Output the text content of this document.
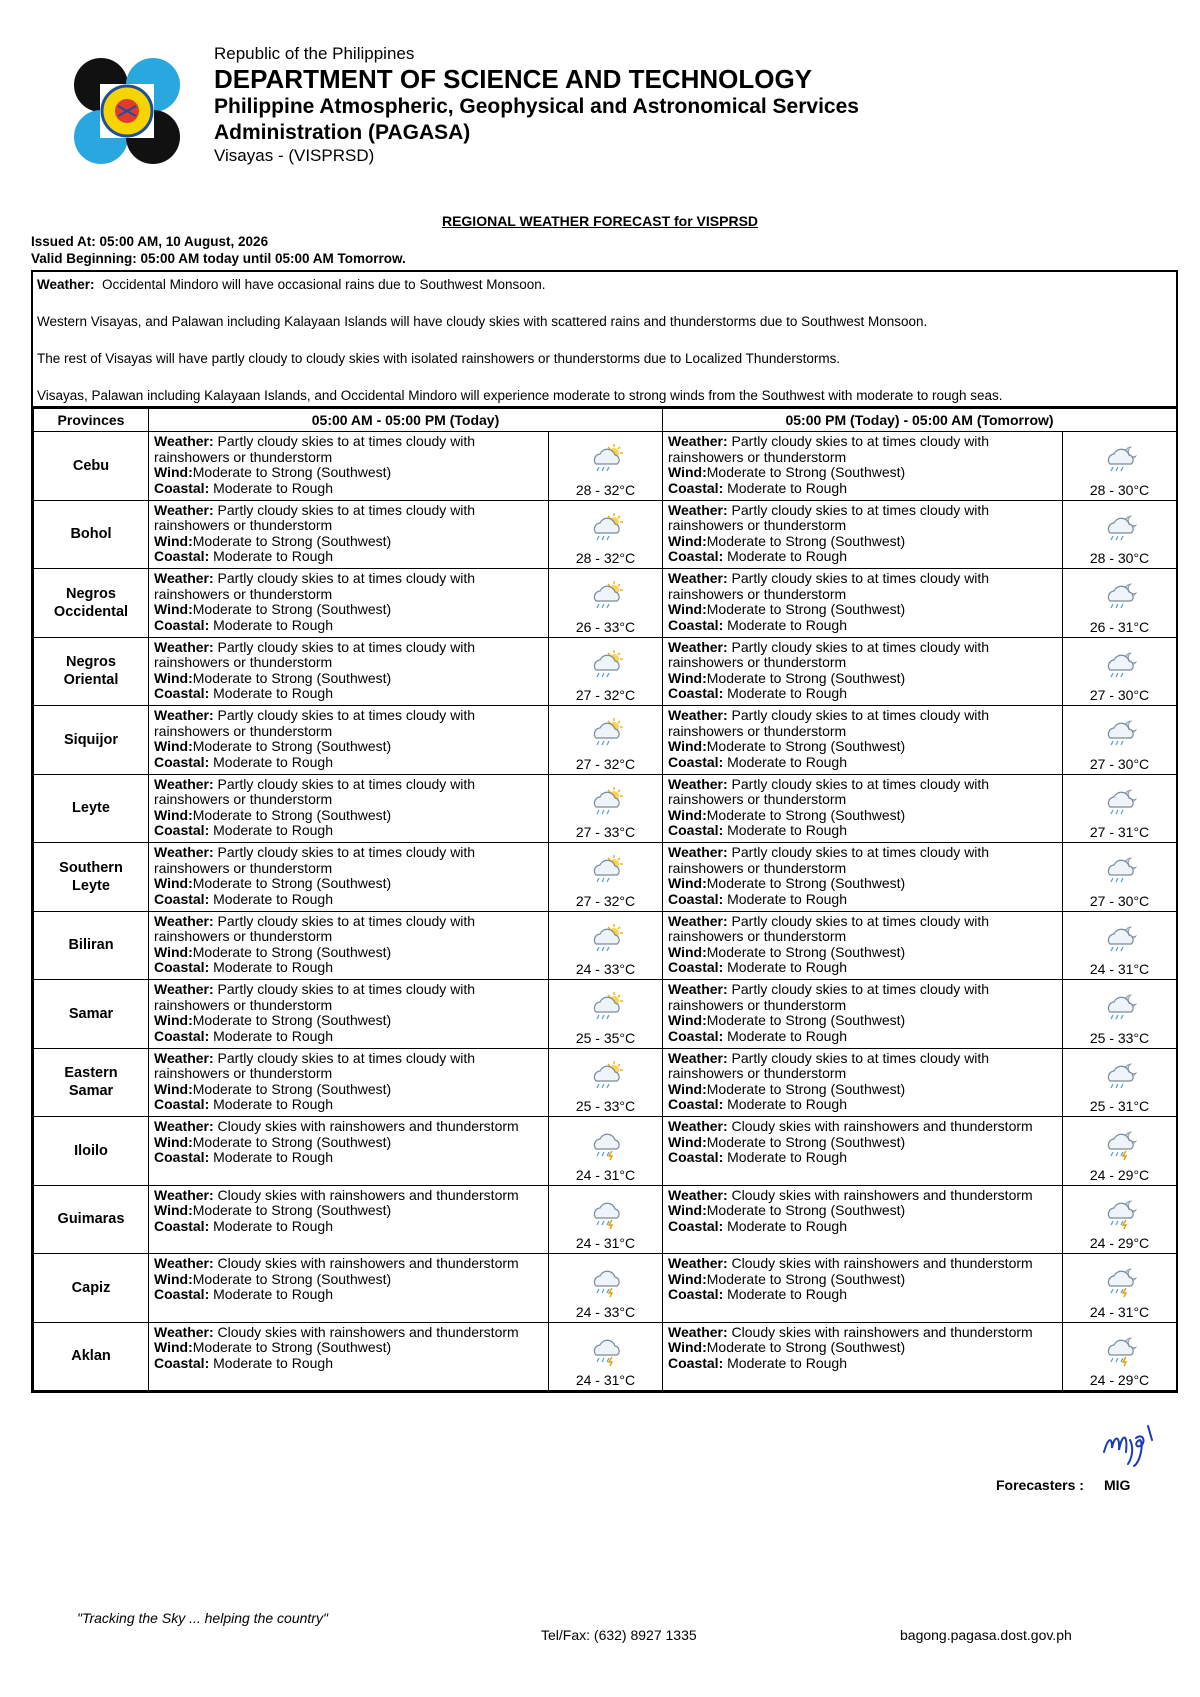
Republic of the Philippines
DEPARTMENT OF SCIENCE AND TECHNOLOGY
Philippine Atmospheric, Geophysical and Astronomical Services
Administration (PAGASA)
Visayas - (VISPRSD)
REGIONAL WEATHER FORECAST for VISPRSD
Issued At: 05:00 AM, 10 August, 2026
Valid Beginning: 05:00 AM today until 05:00 AM Tomorrow.

Weather: Occidental Mindoro will have occasional rains due to Southwest Monsoon.

Western Visayas, and Palawan including Kalayaan Islands will have cloudy skies with scattered rains and thunderstorms due to Southwest Monsoon.

The rest of Visayas will have partly cloudy to cloudy skies with isolated rainshowers or thunderstorms due to Localized Thunderstorms.

Visayas, Palawan including Kalayaan Islands, and Occidental Mindoro will experience moderate to strong winds from the Southwest with moderate to rough seas.

Provinces	05:00 AM - 05:00 PM (Today)		05:00 PM (Today) - 05:00 AM (Tomorrow)	
Cebu	Weather: Partly cloudy skies to at times cloudy with rainshowers or thunderstorm
Wind:Moderate to Strong (Southwest)
Coastal: Moderate to Rough	28 - 32°C	Weather: Partly cloudy skies to at times cloudy with rainshowers or thunderstorm
Wind:Moderate to Strong (Southwest)
Coastal: Moderate to Rough	28 - 30°C

Bohol	Weather: Partly cloudy skies to at times cloudy with rainshowers or thunderstorm
Wind:Moderate to Strong (Southwest)
Coastal: Moderate to Rough	28 - 32°C	Weather: Partly cloudy skies to at times cloudy with rainshowers or thunderstorm
Wind:Moderate to Strong (Southwest)
Coastal: Moderate to Rough	28 - 30°C

Negros
Occidental	Weather: Partly cloudy skies to at times cloudy with rainshowers or thunderstorm
Wind:Moderate to Strong (Southwest)
Coastal: Moderate to Rough	26 - 33°C	Weather: Partly cloudy skies to at times cloudy with rainshowers or thunderstorm
Wind:Moderate to Strong (Southwest)
Coastal: Moderate to Rough	26 - 31°C

Negros
Oriental	Weather: Partly cloudy skies to at times cloudy with rainshowers or thunderstorm
Wind:Moderate to Strong (Southwest)
Coastal: Moderate to Rough	27 - 32°C	Weather: Partly cloudy skies to at times cloudy with rainshowers or thunderstorm
Wind:Moderate to Strong (Southwest)
Coastal: Moderate to Rough	27 - 30°C

Siquijor	Weather: Partly cloudy skies to at times cloudy with rainshowers or thunderstorm
Wind:Moderate to Strong (Southwest)
Coastal: Moderate to Rough	27 - 32°C	Weather: Partly cloudy skies to at times cloudy with rainshowers or thunderstorm
Wind:Moderate to Strong (Southwest)
Coastal: Moderate to Rough	27 - 30°C

Leyte	Weather: Partly cloudy skies to at times cloudy with rainshowers or thunderstorm
Wind:Moderate to Strong (Southwest)
Coastal: Moderate to Rough	27 - 33°C	Weather: Partly cloudy skies to at times cloudy with rainshowers or thunderstorm
Wind:Moderate to Strong (Southwest)
Coastal: Moderate to Rough	27 - 31°C

Southern
Leyte	Weather: Partly cloudy skies to at times cloudy with rainshowers or thunderstorm
Wind:Moderate to Strong (Southwest)
Coastal: Moderate to Rough	27 - 32°C	Weather: Partly cloudy skies to at times cloudy with rainshowers or thunderstorm
Wind:Moderate to Strong (Southwest)
Coastal: Moderate to Rough	27 - 30°C

Biliran	Weather: Partly cloudy skies to at times cloudy with rainshowers or thunderstorm
Wind:Moderate to Strong (Southwest)
Coastal: Moderate to Rough	24 - 33°C	Weather: Partly cloudy skies to at times cloudy with rainshowers or thunderstorm
Wind:Moderate to Strong (Southwest)
Coastal: Moderate to Rough	24 - 31°C

Samar	Weather: Partly cloudy skies to at times cloudy with rainshowers or thunderstorm
Wind:Moderate to Strong (Southwest)
Coastal: Moderate to Rough	25 - 35°C	Weather: Partly cloudy skies to at times cloudy with rainshowers or thunderstorm
Wind:Moderate to Strong (Southwest)
Coastal: Moderate to Rough	25 - 33°C

Eastern
Samar	Weather: Partly cloudy skies to at times cloudy with rainshowers or thunderstorm
Wind:Moderate to Strong (Southwest)
Coastal: Moderate to Rough	25 - 33°C	Weather: Partly cloudy skies to at times cloudy with rainshowers or thunderstorm
Wind:Moderate to Strong (Southwest)
Coastal: Moderate to Rough	25 - 31°C

Iloilo	Weather: Cloudy skies with rainshowers and thunderstorm
Wind:Moderate to Strong (Southwest)
Coastal: Moderate to Rough	24 - 31°C	Weather: Cloudy skies with rainshowers and thunderstorm
Wind:Moderate to Strong (Southwest)
Coastal: Moderate to Rough	24 - 29°C

Guimaras	Weather: Cloudy skies with rainshowers and thunderstorm
Wind:Moderate to Strong (Southwest)
Coastal: Moderate to Rough	24 - 31°C	Weather: Cloudy skies with rainshowers and thunderstorm
Wind:Moderate to Strong (Southwest)
Coastal: Moderate to Rough	24 - 29°C

Capiz	Weather: Cloudy skies with rainshowers and thunderstorm
Wind:Moderate to Strong (Southwest)
Coastal: Moderate to Rough	24 - 33°C	Weather: Cloudy skies with rainshowers and thunderstorm
Wind:Moderate to Strong (Southwest)
Coastal: Moderate to Rough	24 - 31°C

Aklan	Weather: Cloudy skies with rainshowers and thunderstorm
Wind:Moderate to Strong (Southwest)
Coastal: Moderate to Rough	24 - 31°C	Weather: Cloudy skies with rainshowers and thunderstorm
Wind:Moderate to Strong (Southwest)
Coastal: Moderate to Rough	24 - 29°C
Forecasters : MIG
"Tracking the Sky ... helping the country"
Tel/Fax: (632) 8927 1335	bagong.pagasa.dost.gov.ph
